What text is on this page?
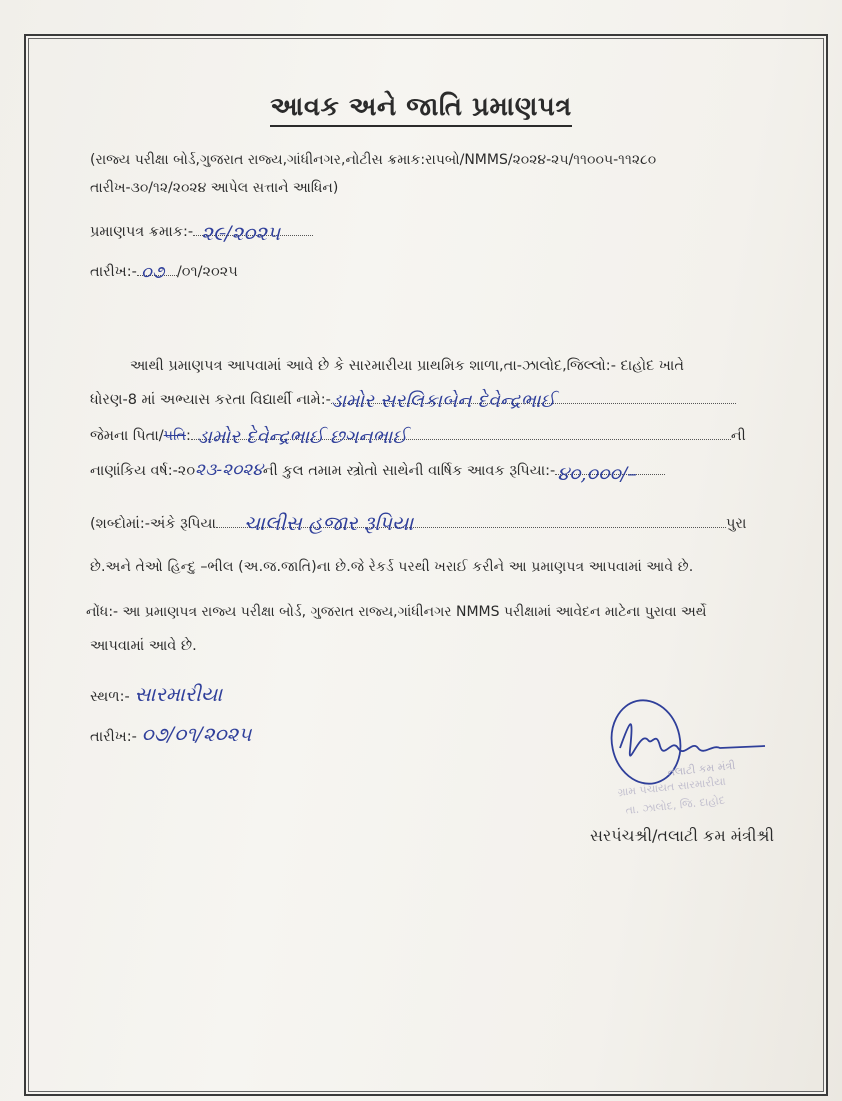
આવક અને જાતિ પ્રમાણપત્ર
(રાજ્ય પરીક્ષા બોર્ડ,ગુજરાત રાજ્ય,ગાંધીનગર,નોટીસ ક્રમાક:રાપબો/NMMS/૨૦૨૪-૨૫/૧૧૦૦૫-૧૧૨૮૦
તારીખ-૩૦/૧૨/૨૦૨૪ આપેલ સત્તાને આધિન)
પ્રમાણપત્ર ક્રમાક:- ૨૯/૨૦૨૫
તારીખ:- ૦૭ /૦૧/૨૦૨૫
આથી પ્રમાણપત્ર આપવામાં આવે છે કે સારમારીયા પ્રાથમિક શાળા,તા-ઝાલોદ,જિલ્લો:- દાહોદ ખાતે
ધોરણ-8 માં અભ્યાસ કરતા વિદ્યાર્થી નામે:- ડામોર સરલિકાબેન દેવેન્દ્રભાઈ
જેમના પિતા/પતિ: ડામોર દેવેન્દ્રભાઈ છગનભાઈ	ની
નાણાંકિય વર્ષ:-૨૦૨૩-૨૦૨૪ની કુલ તમામ સ્ત્રોતો સાથેની વાર્ષિક આવક રૂપિયા:- ૪૦,૦૦૦/–
(શબ્દોમાં:-અંકે રૂપિયા ચાલીસ હજાર રૂપિયા	પુરા
છે.અને તેઓ હિન્દુ –ભીલ (અ.જ.જાતિ)ના છે.જે રેકર્ડ પરથી ખરાઈ કરીને આ પ્રમાણપત્ર આપવામાં આવે છે.
નોંધ:- આ પ્રમાણપત્ર રાજ્ય પરીક્ષા બોર્ડ, ગુજરાત રાજ્ય,ગાંધીનગર NMMS પરીક્ષામાં આવેદન માટેના પુરાવા અર્થે
આપવામાં આવે છે.
સ્થળ:- સારમારીયા
તારીખ:- ૦૭/૦૧/૨૦૨૫
તલાટી કમ મંત્રી
ગ્રામ પંચાયત સારમારીયા
તા. ઝાલોદ, જિ. દાહોદ
સરપંચશ્રી/તલાટી કમ મંત્રીશ્રી
